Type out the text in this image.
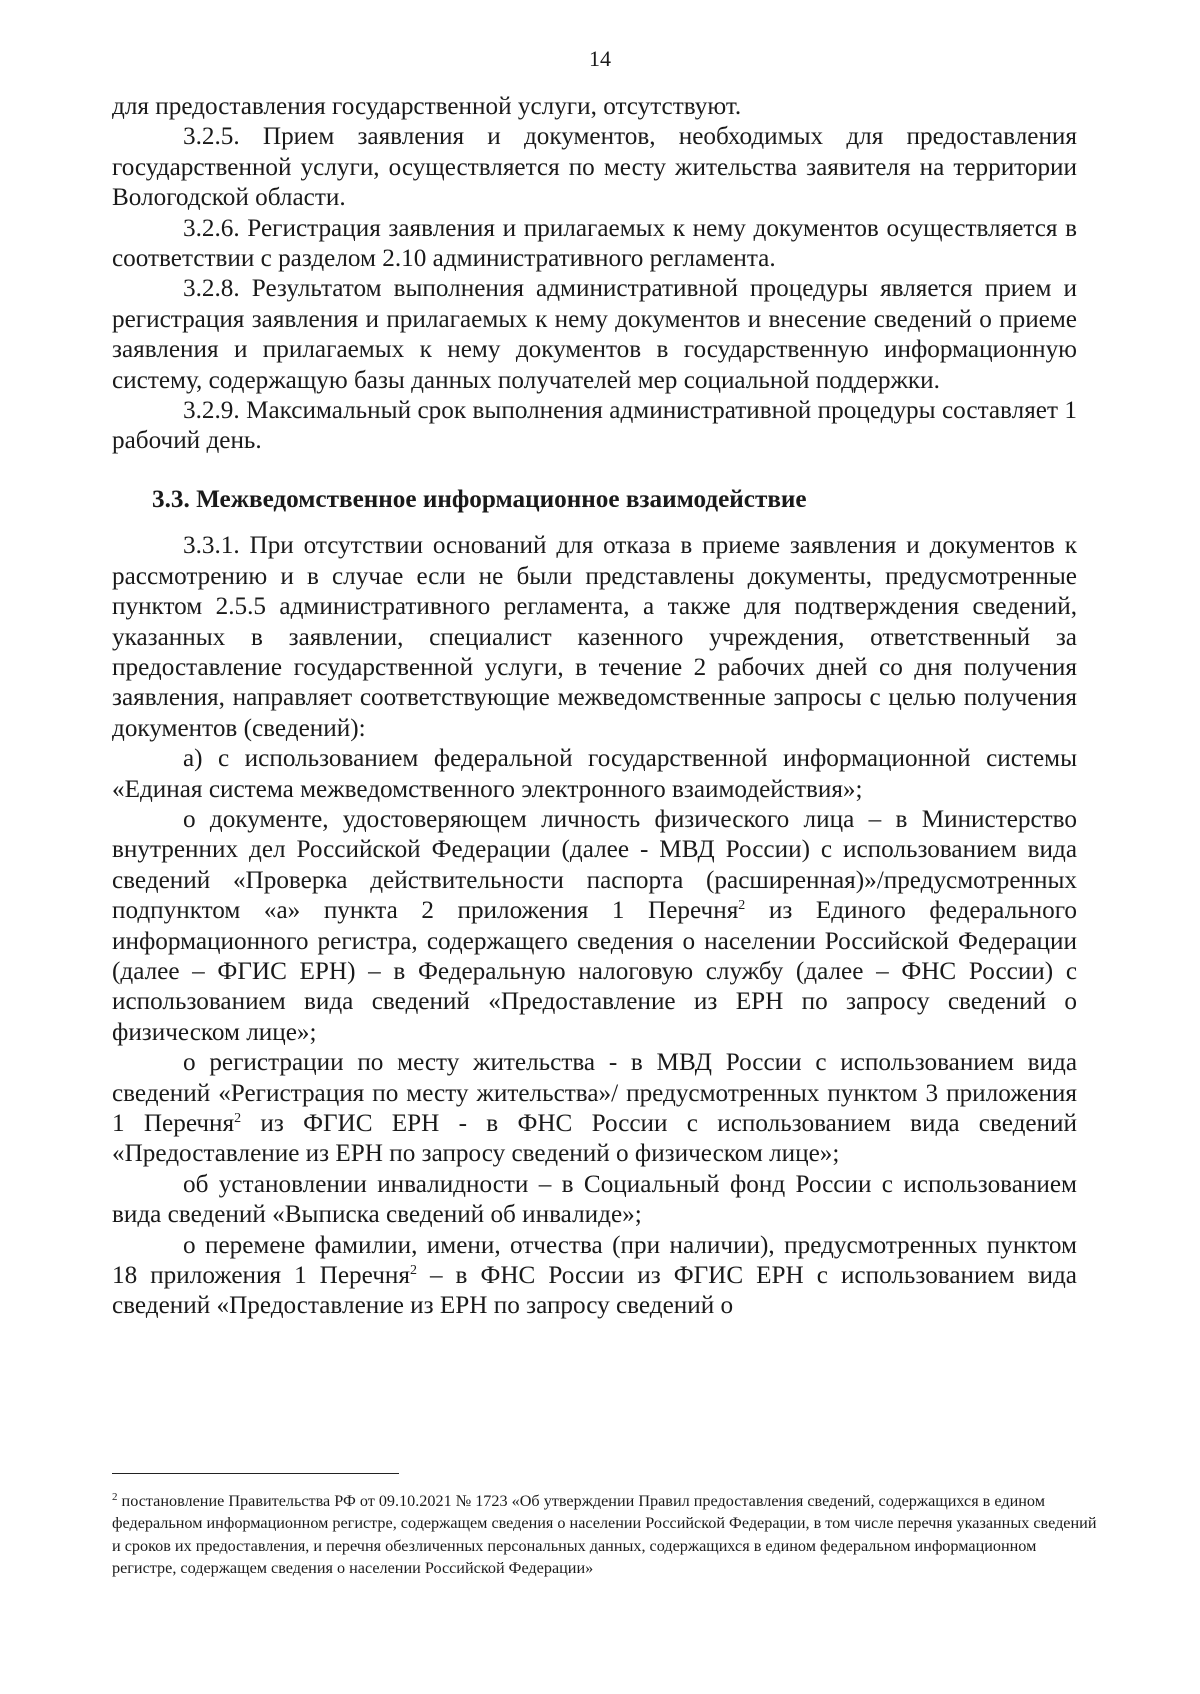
14

для предоставления государственной услуги, отсутствуют.

3.2.5. Прием заявления и документов, необходимых для предоставления государственной услуги, осуществляется по месту жительства заявителя на территории Вологодской области.

3.2.6. Регистрация заявления и прилагаемых к нему документов осуществляется в соответствии с разделом 2.10 административного регламента.

3.2.8. Результатом выполнения административной процедуры является прием и регистрация заявления и прилагаемых к нему документов и внесение сведений о приеме заявления и прилагаемых к нему документов в государственную информационную систему, содержащую базы данных получателей мер социальной поддержки.

3.2.9. Максимальный срок выполнения административной процедуры составляет 1 рабочий день.

3.3. Межведомственное информационное взаимодействие

3.3.1. При отсутствии оснований для отказа в приеме заявления и документов к рассмотрению и в случае если не были представлены документы, предусмотренные пунктом 2.5.5 административного регламента, а также для подтверждения сведений, указанных в заявлении, специалист казенного учреждения, ответственный за предоставление государственной услуги, в течение 2 рабочих дней со дня получения заявления, направляет соответствующие межведомственные запросы с целью получения документов (сведений):

а) с использованием федеральной государственной информационной системы «Единая система межведомственного электронного взаимодействия»;

о документе, удостоверяющем личность физического лица – в Министерство внутренних дел Российской Федерации (далее - МВД России) с использованием вида сведений «Проверка действительности паспорта (расширенная)»/предусмотренных подпунктом «а» пункта 2 приложения 1 Перечня$^2$ из Единого федерального информационного регистра, содержащего сведения о населении Российской Федерации (далее – ФГИС ЕРН) – в Федеральную налоговую службу (далее – ФНС России) с использованием вида сведений «Предоставление из ЕРН по запросу сведений о физическом лице»;

о регистрации по месту жительства - в МВД России с использованием вида сведений «Регистрация по месту жительства»/ предусмотренных пунктом 3 приложения 1 Перечня$^2$ из ФГИС ЕРН - в ФНС России с использованием вида сведений «Предоставление из ЕРН по запросу сведений о физическом лице»;

об установлении инвалидности – в Социальный фонд России с использованием вида сведений «Выписка сведений об инвалиде»;

о перемене фамилии, имени, отчества (при наличии), предусмотренных пунктом 18 приложения 1 Перечня$^2$ – в ФНС России из ФГИС ЕРН с использованием вида сведений «Предоставление из ЕРН по запросу сведений о

$^2$ постановление Правительства РФ от 09.10.2021 № 1723 «Об утверждении Правил предоставления сведений, содержащихся в едином федеральном информационном регистре, содержащем сведения о населении Российской Федерации, в том числе перечня указанных сведений и сроков их предоставления, и перечня обезличенных персональных данных, содержащихся в едином федеральном информационном регистре, содержащем сведения о населении Российской Федерации»
